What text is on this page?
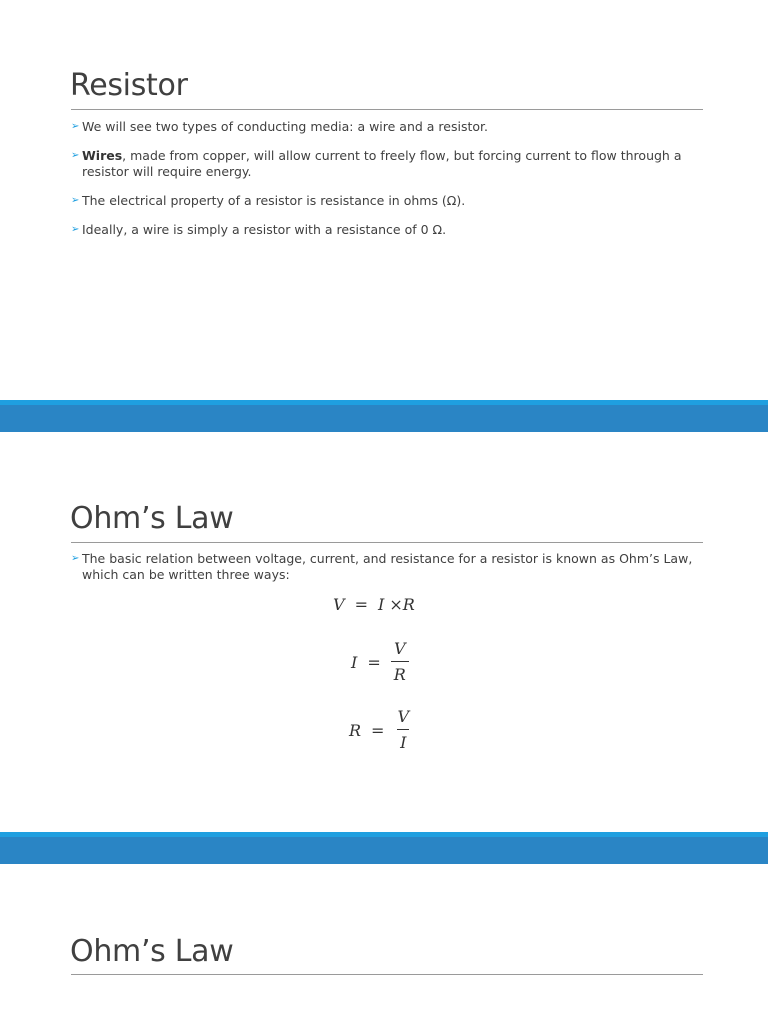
Resistor
➢ We will see two types of conducting media: a wire and a resistor.
➢ Wires, made from copper, will allow current to freely flow, but forcing current to flow through a resistor will require energy.
➢ The electrical property of a resistor is resistance in ohms (Ω).
➢ Ideally, a wire is simply a resistor with a resistance of 0 Ω.
Ohm’s Law
➢ The basic relation between voltage, current, and resistance for a resistor is known as Ohm’s Law, which can be written three ways:
V = I ×R
$I = \frac{V}{R}$
$R = \frac{V}{I}$
Ohm’s Law
